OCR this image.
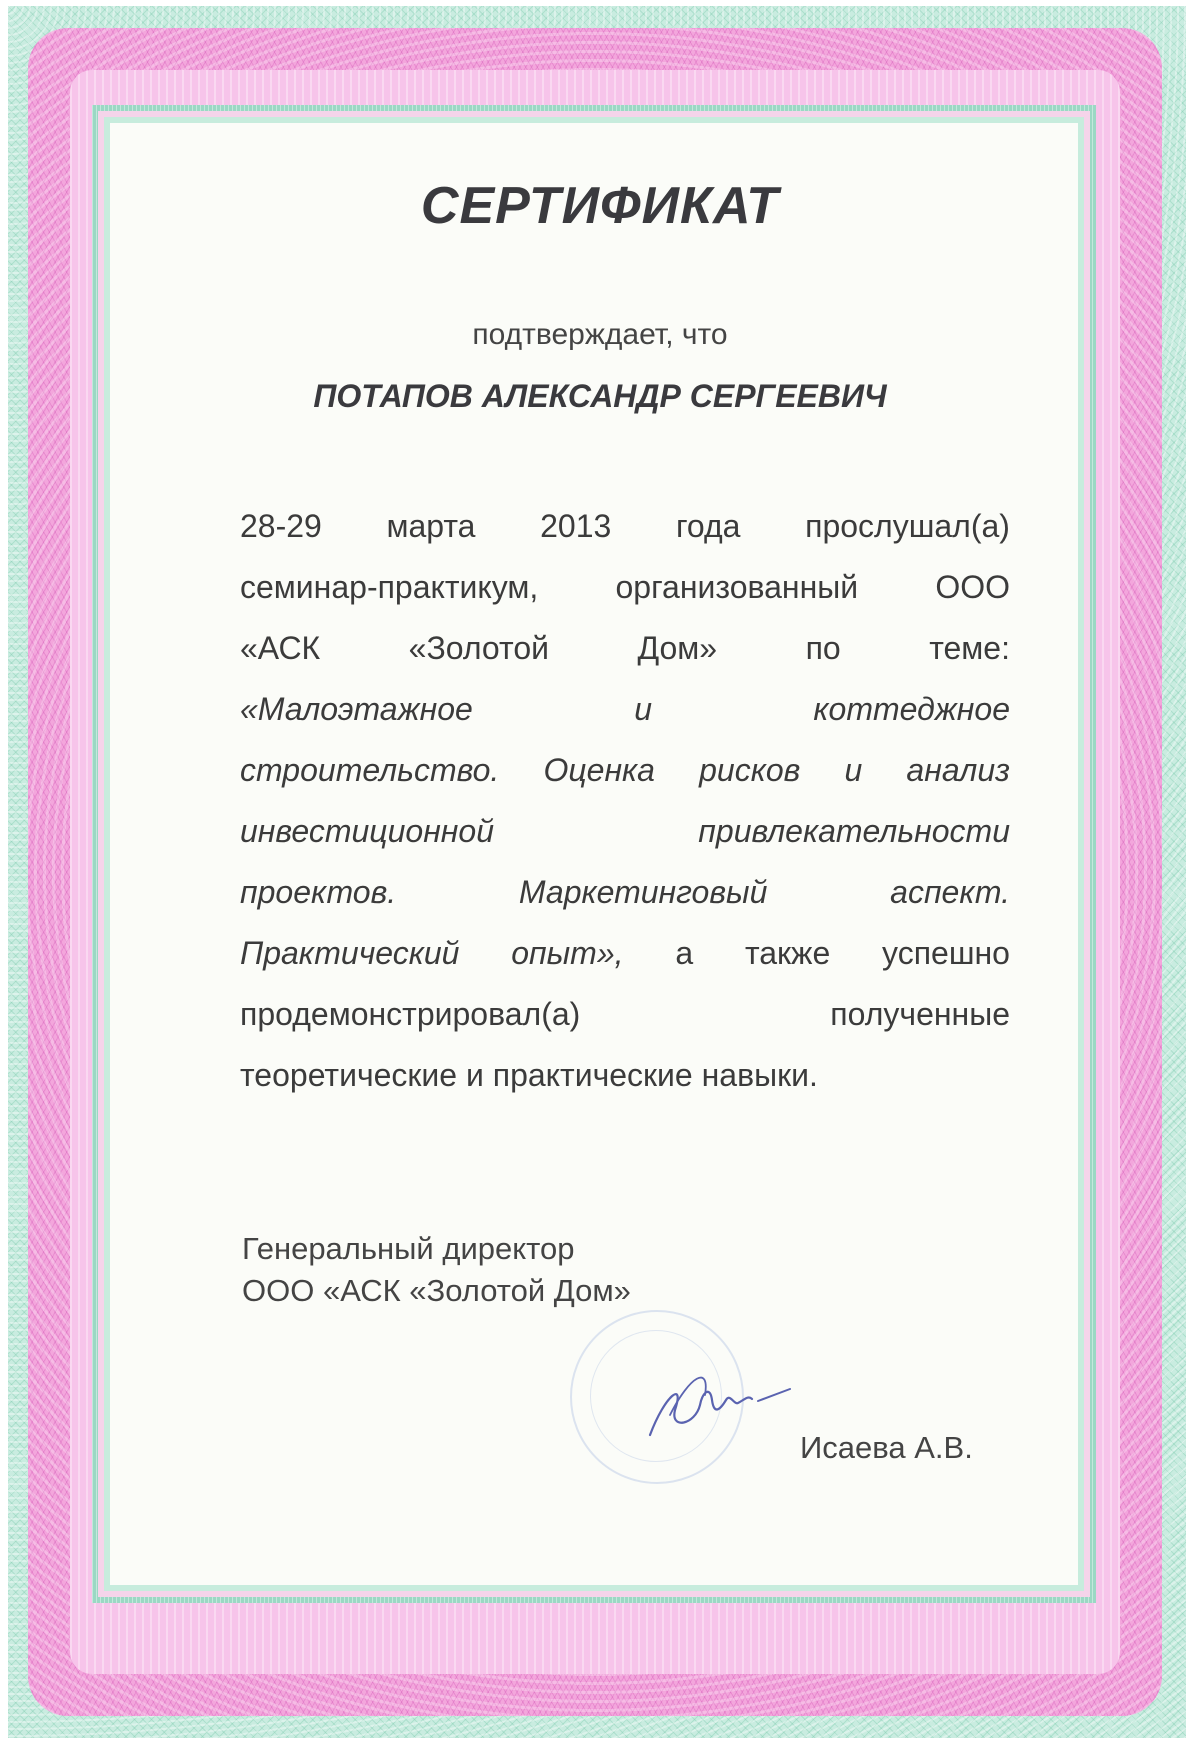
СЕРТИФИКАТ
подтверждает, что
ПОТАПОВ АЛЕКСАНДР СЕРГЕЕВИЧ
28-29 марта 2013 года прослушал(а)
семинар-практикум, организованный ООО
«АСК	«Золотой	Дом»	по	теме:
«Малоэтажное	и	коттеджное
строительство. Оценка рисков и анализ
инвестиционной	привлекательности
проектов.	Маркетинговый	аспект.
Практический опыт», а также успешно
продемонстрировал(а)	полученные
теоретические и практические навыки.
Генеральный директор
ООО «АСК «Золотой Дом»
Исаева А.В.
